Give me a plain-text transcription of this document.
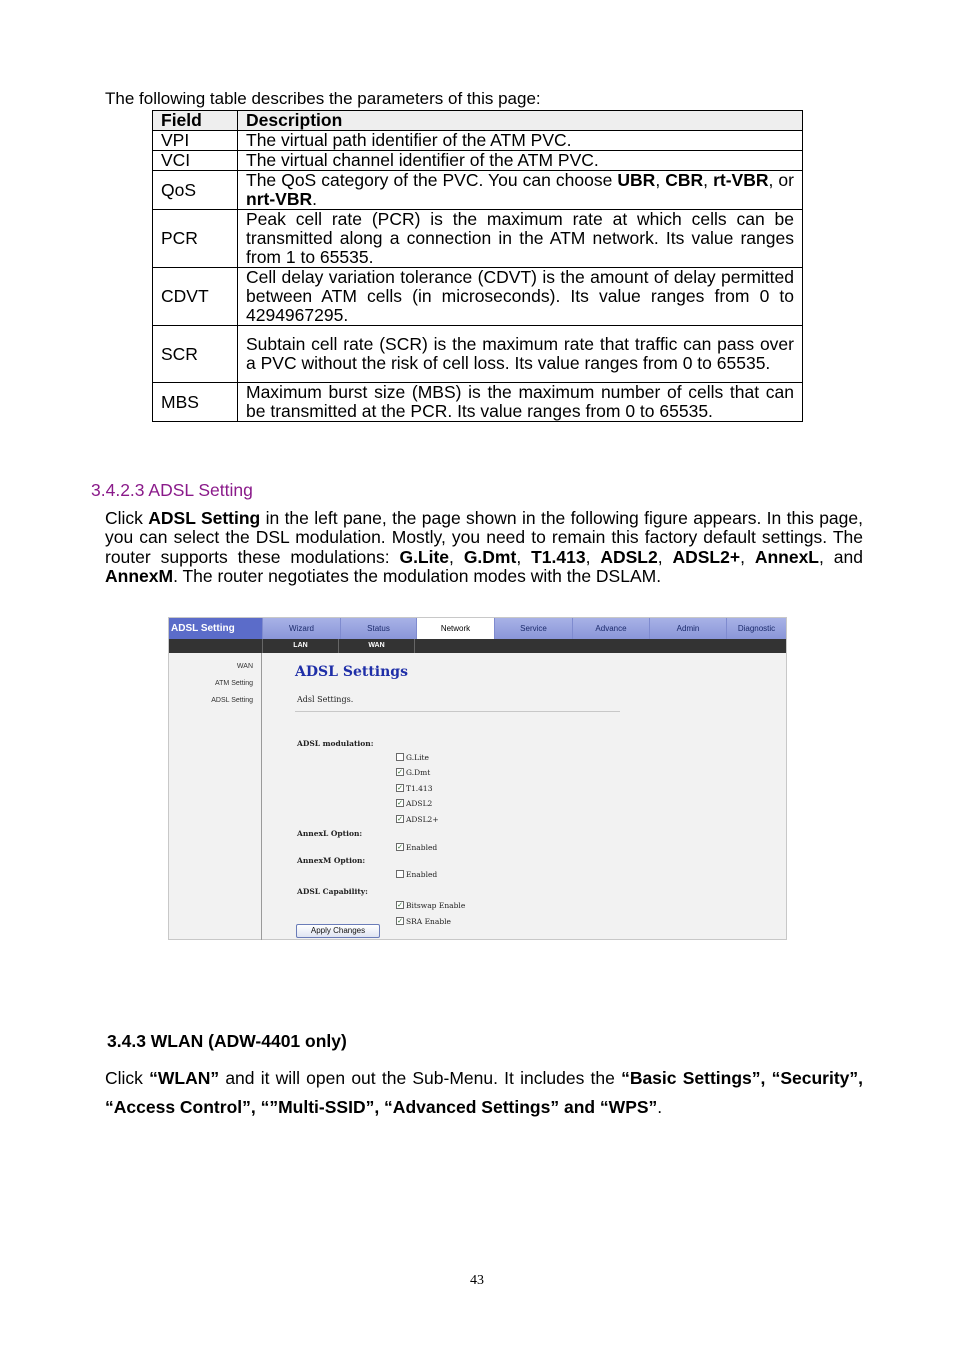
The following table describes the parameters of this page:

Field	Description
VPI	The virtual path identifier of the ATM PVC.
VCI	The virtual channel identifier of the ATM PVC.
QoS	The QoS category of the PVC. You can choose UBR, CBR, rt-VBR, or nrt-VBR.
PCR	Peak cell rate (PCR) is the maximum rate at which cells can be transmitted along a connection in the ATM network. Its value ranges from 1 to 65535.
CDVT	Cell delay variation tolerance (CDVT) is the amount of delay permitted between ATM cells (in microseconds). Its value ranges from 0 to 4294967295.
SCR	Subtain cell rate (SCR) is the maximum rate that traffic can pass over a PVC without the risk of cell loss. Its value ranges from 0 to 65535.
MBS	Maximum burst size (MBS) is the maximum number of cells that can be transmitted at the PCR. Its value ranges from 0 to 65535.

3.4.2.3 ADSL Setting

Click ADSL Setting in the left pane, the page shown in the following figure appears. In this page, you can select the DSL modulation. Mostly, you need to remain this factory default settings. The router supports these modulations: G.Lite, G.Dmt, T1.413, ADSL2, ADSL2+, AnnexL, and AnnexM. The router negotiates the modulation modes with the DSLAM.

ADSL Setting	Wizard	Status	Network	Service	Advance	Admin	Diagnostic
LAN	WAN
WAN
ATM Setting
ADSL Setting
ADSL Settings
Adsl Settings.
ADSL modulation:
G.Lite
✓ G.Dmt
✓ T1.413
✓ ADSL2
✓ ADSL2+
AnnexL Option:
✓ Enabled
AnnexM Option:
Enabled
ADSL Capability:
✓ Bitswap Enable
✓ SRA Enable
Apply Changes

3.4.3 WLAN (ADW-4401 only)

Click “WLAN” and it will open out the Sub-Menu. It includes the “Basic Settings”, “Security”, “Access Control”, “”Multi-SSID”, “Advanced Settings” and “WPS”.

43
